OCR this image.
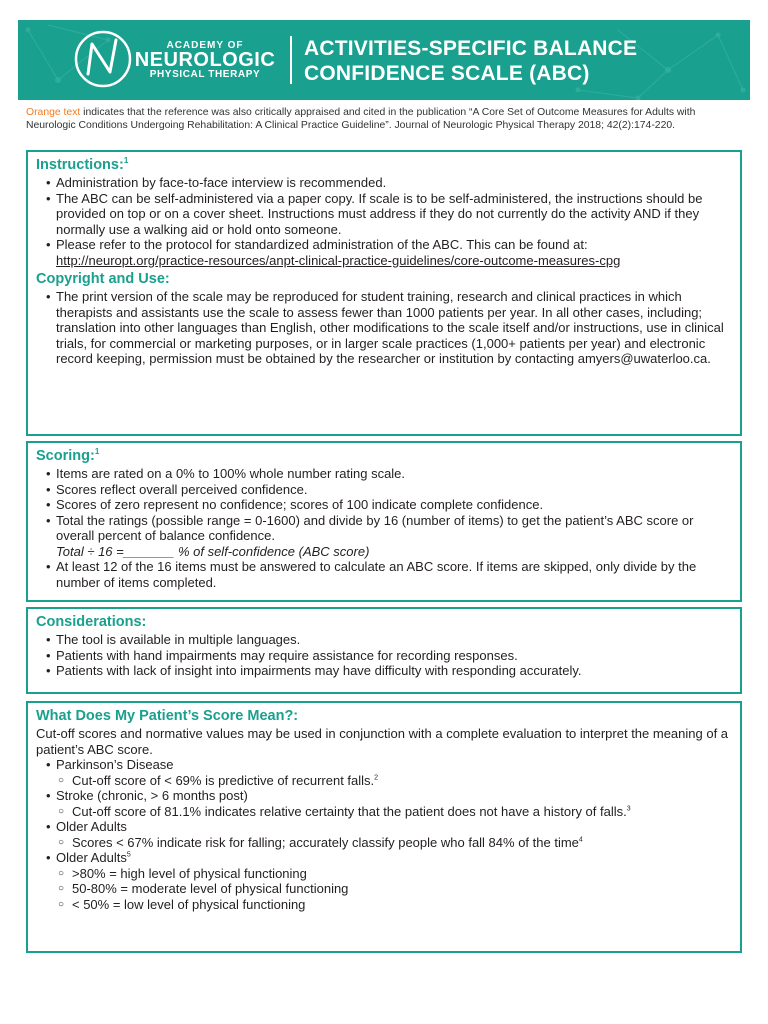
ACADEMY OF
NEUROLOGIC
PHYSICAL THERAPY
ACTIVITIES-SPECIFIC BALANCE
CONFIDENCE SCALE (ABC)
Orange text indicates that the reference was also critically appraised and cited in the publication “A Core Set of Outcome Measures for Adults with Neurologic Conditions Undergoing Rehabilitation: A Clinical Practice Guideline”. Journal of Neurologic Physical Therapy 2018; 42(2):174-220.
Instructions:$^1$
• Administration by face-to-face interview is recommended.
• The ABC can be self-administered via a paper copy. If scale is to be self-administered, the instructions should be provided on top or on a cover sheet. Instructions must address if they do not currently do the activity AND if they normally use a walking aid or hold onto someone.
• Please refer to the protocol for standardized administration of the ABC. This can be found at: http://neuropt.org/practice-resources/anpt-clinical-practice-guidelines/core-outcome-measures-cpg
Copyright and Use:
• The print version of the scale may be reproduced for student training, research and clinical practices in which therapists and assistants use the scale to assess fewer than 1000 patients per year. In all other cases, including; translation into other languages than English, other modifications to the scale itself and/or instructions, use in clinical trials, for commercial or marketing purposes, or in larger scale practices (1,000+ patients per year) and electronic record keeping, permission must be obtained by the researcher or institution by contacting amyers@uwaterloo.ca.
Scoring:$^1$
• Items are rated on a 0% to 100% whole number rating scale.
• Scores reflect overall perceived confidence.
• Scores of zero represent no confidence; scores of 100 indicate complete confidence.
• Total the ratings (possible range = 0-1600) and divide by 16 (number of items) to get the patient’s ABC score or overall percent of balance confidence.
Total ÷ 16 =_______ % of self-confidence (ABC score)
• At least 12 of the 16 items must be answered to calculate an ABC score. If items are skipped, only divide by the number of items completed.
Considerations:
• The tool is available in multiple languages.
• Patients with hand impairments may require assistance for recording responses.
• Patients with lack of insight into impairments may have difficulty with responding accurately.
What Does My Patient’s Score Mean?:

Cut-off scores and normative values may be used in conjunction with a complete evaluation to interpret the meaning of a patient’s ABC score.

• Parkinson’s Disease
○ Cut-off score of < 69% is predictive of recurrent falls.$^2$
• Stroke (chronic, > 6 months post)
○ Cut-off score of 81.1% indicates relative certainty that the patient does not have a history of falls.$^3$
• Older Adults
○ Scores < 67% indicate risk for falling; accurately classify people who fall 84% of the time$^4$
• Older Adults$^5$
○ >80% = high level of physical functioning
○ 50-80% = moderate level of physical functioning
○ < 50% = low level of physical functioning
